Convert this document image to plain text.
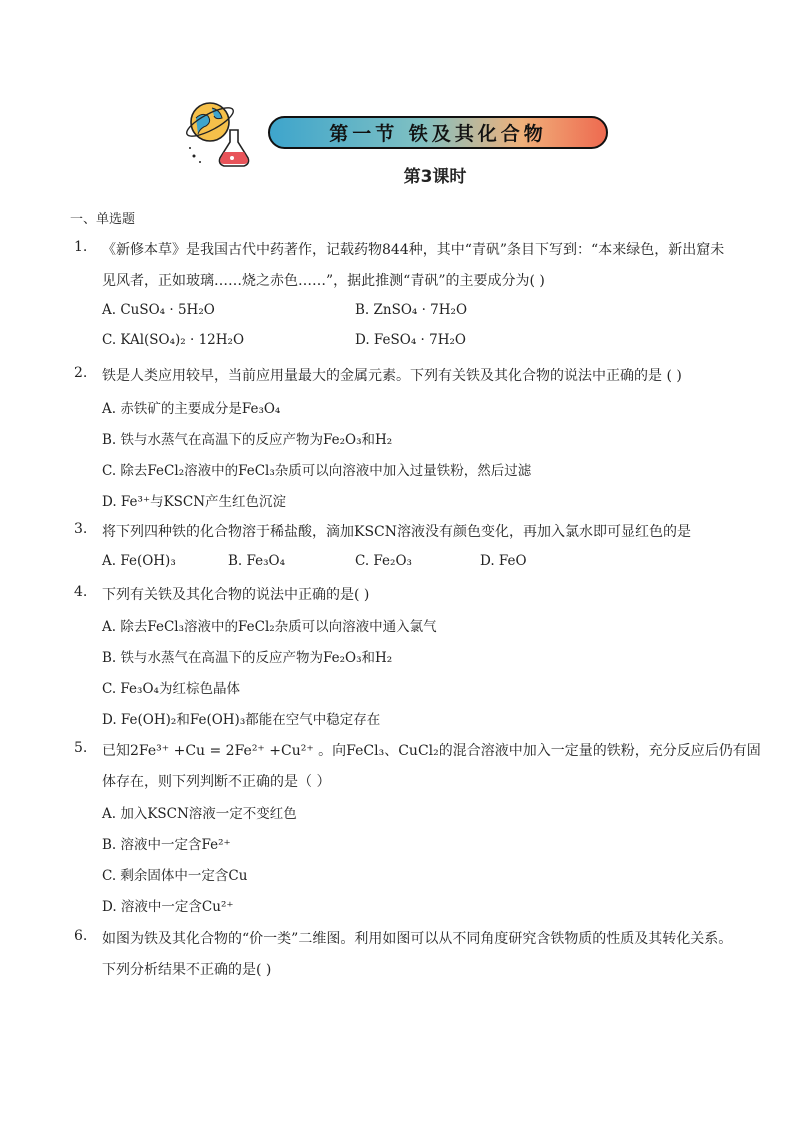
第一节 铁及其化合物
第3课时
一、单选题
1. 《新修本草》是我国古代中药著作，记载药物844种，其中“青矾”条目下写到：“本来绿色，新出窟未
见风者，正如玻璃……烧之赤色……”，据此推测“青矾”的主要成分为( )
A. CuSO₄ · 5H₂O	B. ZnSO₄ · 7H₂O
C. KAl(SO₄)₂ · 12H₂O	D. FeSO₄ · 7H₂O
2. 铁是人类应用较早，当前应用量最大的金属元素。下列有关铁及其化合物的说法中正确的是 ( )
A. 赤铁矿的主要成分是Fe₃O₄
B. 铁与水蒸气在高温下的反应产物为Fe₂O₃和H₂
C. 除去FeCl₂溶液中的FeCl₃杂质可以向溶液中加入过量铁粉，然后过滤
D. Fe³⁺与KSCN产生红色沉淀
3. 将下列四种铁的化合物溶于稀盐酸，滴加KSCN溶液没有颜色变化，再加入氯水即可显红色的是
A. Fe(OH)₃	B. Fe₃O₄	C. Fe₂O₃	D. FeO
4. 下列有关铁及其化合物的说法中正确的是( )
A. 除去FeCl₃溶液中的FeCl₂杂质可以向溶液中通入氯气
B. 铁与水蒸气在高温下的反应产物为Fe₂O₃和H₂
C. Fe₃O₄为红棕色晶体
D. Fe(OH)₂和Fe(OH)₃都能在空气中稳定存在
5. 已知2Fe³⁺ +Cu = 2Fe²⁺ +Cu²⁺ 。向FeCl₃、CuCl₂的混合溶液中加入一定量的铁粉，充分反应后仍有固
体存在，则下列判断不正确的是（ ）
A. 加入KSCN溶液一定不变红色
B. 溶液中一定含Fe²⁺
C. 剩余固体中一定含Cu
D. 溶液中一定含Cu²⁺
6. 如图为铁及其化合物的“价一类”二维图。利用如图可以从不同角度研究含铁物质的性质及其转化关系。
下列分析结果不正确的是( )
